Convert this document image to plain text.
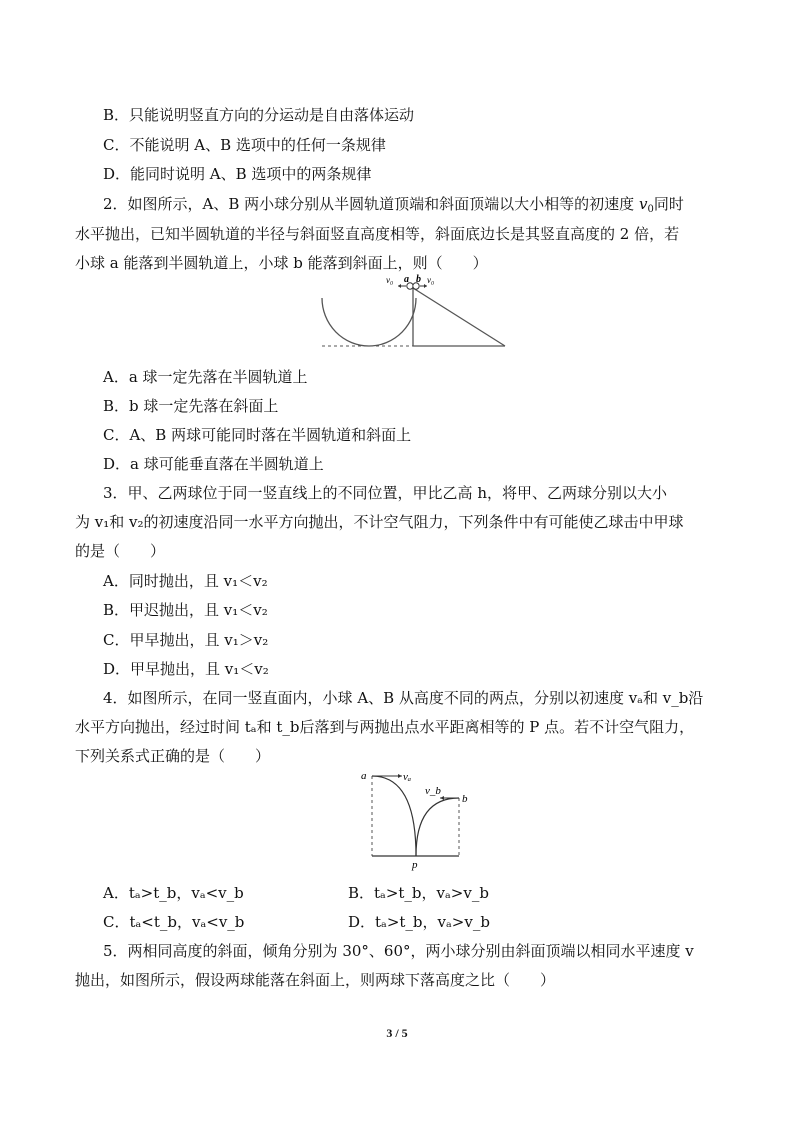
B．只能说明竖直方向的分运动是自由落体运动
C．不能说明 A、B 选项中的任何一条规律
D．能同时说明 A、B 选项中的两条规律
2．如图所示，A、B 两小球分别从半圆轨道顶端和斜面顶端以大小相等的初速度 $v_0$同时
水平抛出，已知半圆轨道的半径与斜面竖直高度相等，斜面底边长是其竖直高度的 2 倍，若
小球 a 能落到半圆轨道上，小球 b 能落到斜面上，则（　　）
v₀ a b v₀
A．a 球一定先落在半圆轨道上
B．b 球一定先落在斜面上
C．A、B 两球可能同时落在半圆轨道和斜面上
D．a 球可能垂直落在半圆轨道上
3．甲、乙两球位于同一竖直线上的不同位置，甲比乙高 h，将甲、乙两球分别以大小
为 v₁和 v₂的初速度沿同一水平方向抛出，不计空气阻力，下列条件中有可能使乙球击中甲球
的是（　　）
A．同时抛出，且 v₁＜v₂
B．甲迟抛出，且 v₁＜v₂
C．甲早抛出，且 v₁＞v₂
D．甲早抛出，且 v₁＜v₂
4．如图所示，在同一竖直面内，小球 A、B 从高度不同的两点，分别以初速度 vₐ和 v_b沿
水平方向抛出，经过时间 tₐ和 t_b后落到与两抛出点水平距离相等的 P 点。若不计空气阻力，
下列关系式正确的是（　　）
a	vₐ
v_b
b
p
A．tₐ>t_b，vₐ<v_b	B．tₐ>t_b，vₐ>v_b
C．tₐ<t_b，vₐ<v_b	D．tₐ>t_b，vₐ>v_b
5．两相同高度的斜面，倾角分别为 30°、60°，两小球分别由斜面顶端以相同水平速度 v
抛出，如图所示，假设两球能落在斜面上，则两球下落高度之比（　　）
3 / 5
